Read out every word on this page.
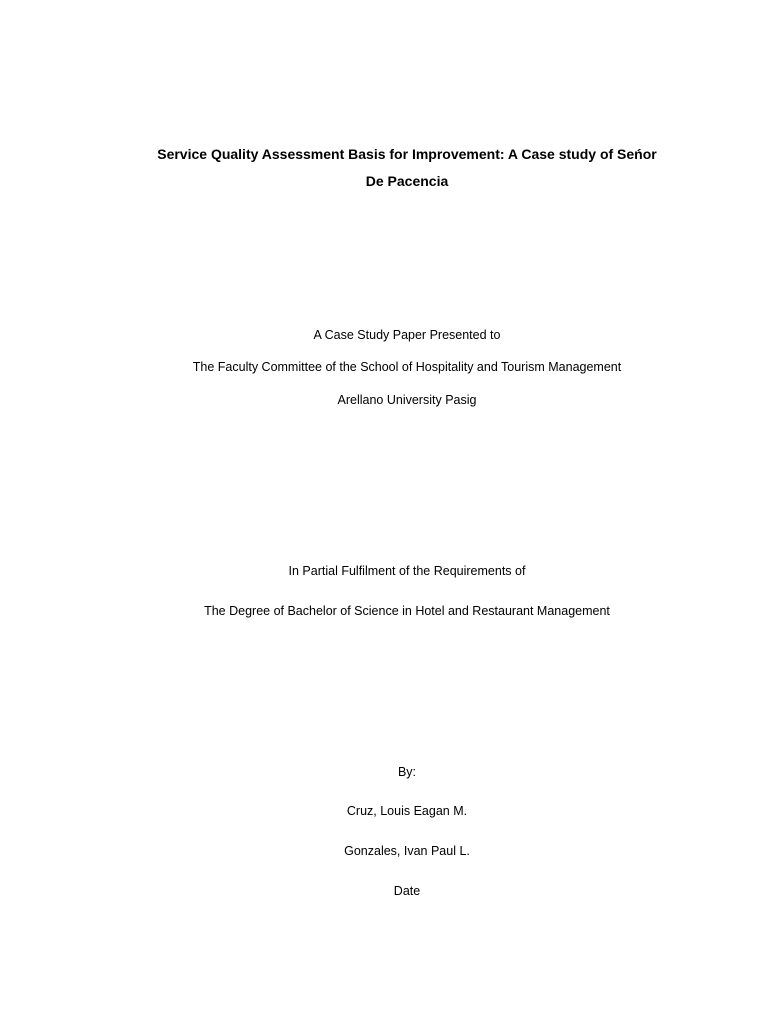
Service Quality Assessment Basis for Improvement: A Case study of Seńor
De Pacencia
A Case Study Paper Presented to
The Faculty Committee of the School of Hospitality and Tourism Management
Arellano University Pasig
In Partial Fulfilment of the Requirements of
The Degree of Bachelor of Science in Hotel and Restaurant Management
By:
Cruz, Louis Eagan M.
Gonzales, Ivan Paul L.
Date
